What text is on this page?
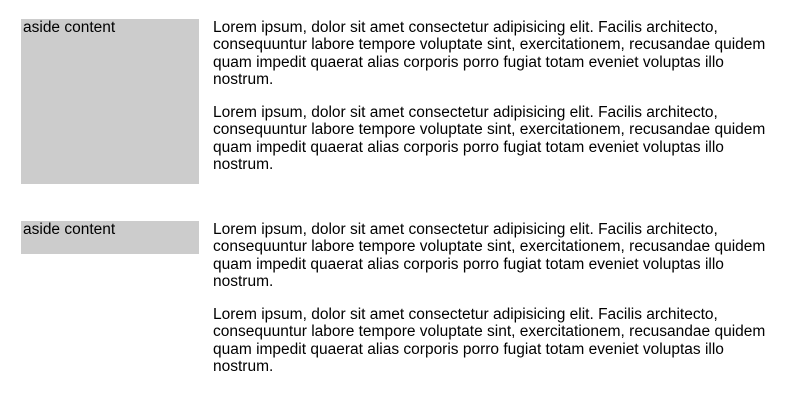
aside content	Lorem ipsum, dolor sit amet consectetur adipisicing elit. Facilis architecto, consequuntur labore tempore voluptate sint, exercitationem, recusandae quidem quam impedit quaerat alias corporis porro fugiat totam eveniet voluptas illo nostrum.

Lorem ipsum, dolor sit amet consectetur adipisicing elit. Facilis architecto, consequuntur labore tempore voluptate sint, exercitationem, recusandae quidem quam impedit quaerat alias corporis porro fugiat totam eveniet voluptas illo nostrum.

aside content	Lorem ipsum, dolor sit amet consectetur adipisicing elit. Facilis architecto, consequuntur labore tempore voluptate sint, exercitationem, recusandae quidem quam impedit quaerat alias corporis porro fugiat totam eveniet voluptas illo nostrum.

Lorem ipsum, dolor sit amet consectetur adipisicing elit. Facilis architecto, consequuntur labore tempore voluptate sint, exercitationem, recusandae quidem quam impedit quaerat alias corporis porro fugiat totam eveniet voluptas illo nostrum.
